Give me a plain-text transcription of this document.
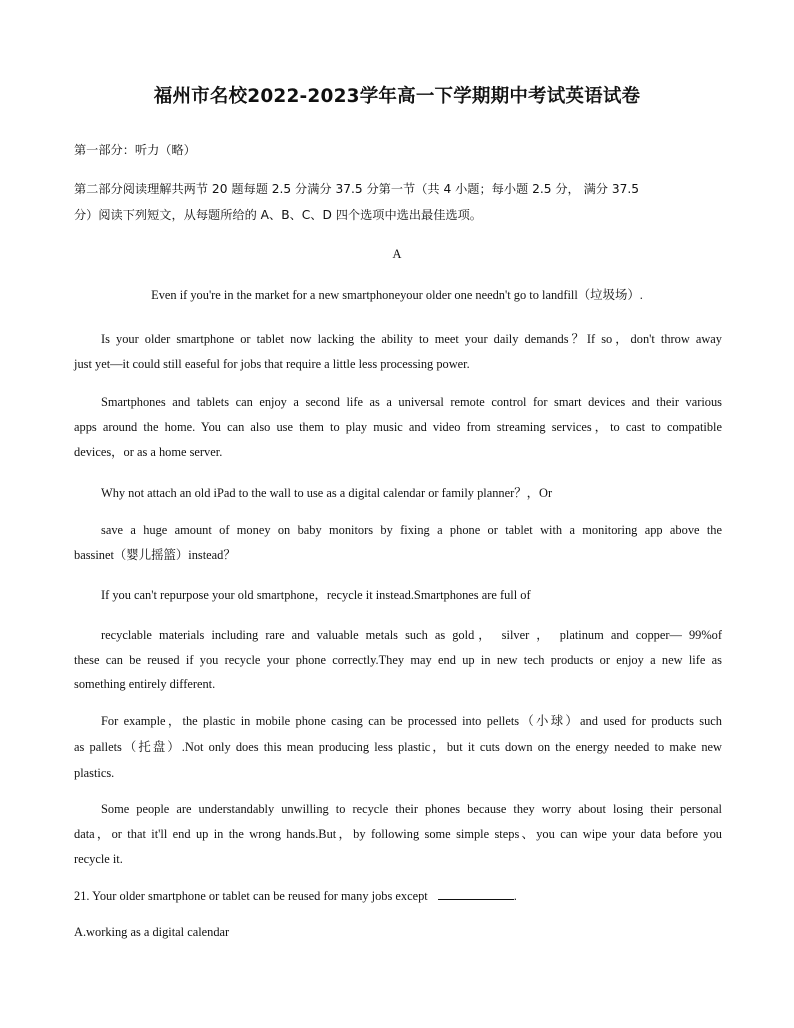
福州市名校2022-2023学年高一下学期期中考试英语试卷
第一部分：听力（略）
第二部分阅读理解共两节 20 题每题 2.5 分满分 37.5 分第一节（共 4 小题；每小题 2.5 分， 满分 37.5
分）阅读下列短文，从每题所给的 A、B、C、D 四个选项中选出最佳选项。
A
Even if you're in the market for a new smartphoneyour older one needn't go to landfill（垃圾场）.
Is your older smartphone or tablet now lacking the ability to meet your daily demands？If so，don't throw away
just yet—it could still easeful for jobs that require a little less processing power.
Smartphones and tablets can enjoy a second life as a universal remote control for smart devices and their various
apps around the home. You can also use them to play music and video from streaming services，to cast to compatible
devices，or as a home server.
Why not attach an old iPad to the wall to use as a digital calendar or family planner？，Or
save a huge amount of money on baby monitors by fixing a phone or tablet with a monitoring app above the
bassinet（婴儿摇篮）instead？
If you can't repurpose your old smartphone，recycle it instead.Smartphones are full of
recyclable materials including rare and valuable metals such as gold， silver ， platinum and copper— 99%of
these can be reused if you recycle your phone correctly.They may end up in new tech products or enjoy a new life as
something entirely different.
For example，the plastic in mobile phone casing can be processed into pellets（小球）and used for products such
as pallets（托盘）.Not only does this mean producing less plastic，but it cuts down on the energy needed to make new
plastics.
Some people are understandably unwilling to recycle their phones because they worry about losing their personal
data，or that it'll end up in the wrong hands.But，by following some simple steps、you can wipe your data before you
recycle it.
21. Your older smartphone or tablet can be reused for many jobs except	.
A.working as a digital calendar
